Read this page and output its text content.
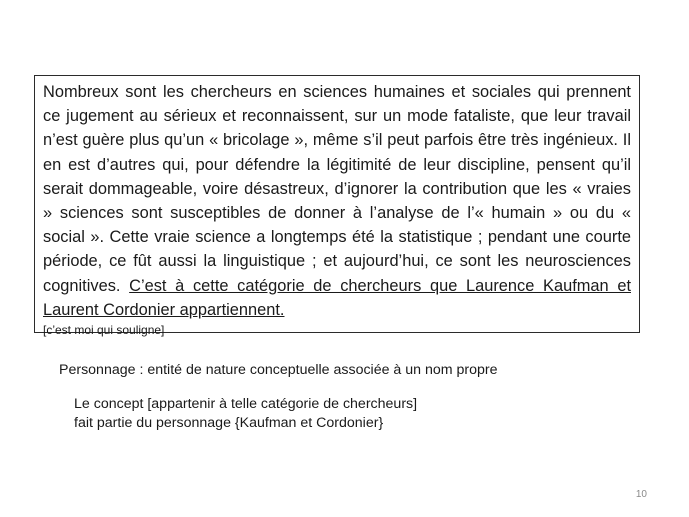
Nombreux sont les chercheurs en sciences humaines et sociales qui prennent ce jugement au sérieux et reconnaissent, sur un mode fataliste, que leur travail n’est guère plus qu’un « bricolage », même s’il peut parfois être très ingénieux. Il en est d’autres qui, pour défendre la légitimité de leur discipline, pensent qu’il serait dommageable, voire désastreux, d’ignorer la contribution que les « vraies » sciences sont susceptibles de donner à l’analyse de l’« humain » ou du « social ». Cette vraie science a longtemps été la statistique ; pendant une courte période, ce fût aussi la linguistique ; et aujourd’hui, ce sont les neurosciences cognitives. C’est à cette catégorie de chercheurs que Laurence Kaufman et Laurent Cordonier appartiennent.

[c’est moi qui souligne]
Personnage : entité de nature conceptuelle associée à un nom propre
Le concept [appartenir à telle catégorie de chercheurs]
fait partie du personnage {Kaufman et Cordonier}
10
